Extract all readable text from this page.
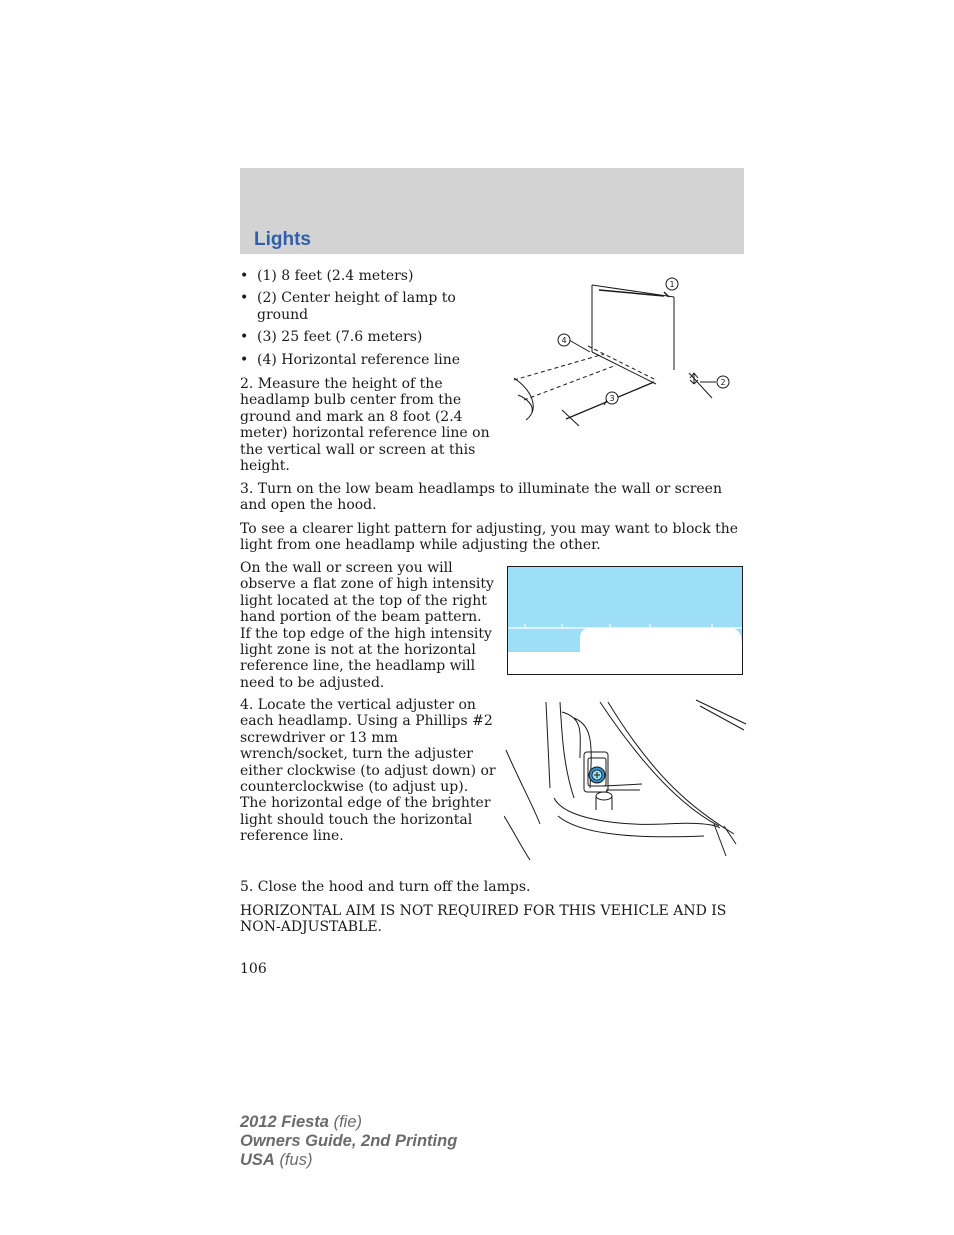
Lights
• (1) 8 feet (2.4 meters)
• (2) Center height of lamp to ground
• (3) 25 feet (7.6 meters)
• (4) Horizontal reference line
1
2
3
4

2. Measure the height of the headlamp bulb center from the ground and mark an 8 foot (2.4 meter) horizontal reference line on the vertical wall or screen at this height.

3. Turn on the low beam headlamps to illuminate the wall or screen and open the hood.

To see a clearer light pattern for adjusting, you may want to block the light from one headlamp while adjusting the other.

On the wall or screen you will observe a flat zone of high intensity light located at the top of the right hand portion of the beam pattern. If the top edge of the high intensity light zone is not at the horizontal reference line, the headlamp will need to be adjusted.

4. Locate the vertical adjuster on each headlamp. Using a Phillips #2 screwdriver or 13 mm wrench/socket, turn the adjuster either clockwise (to adjust down) or counterclockwise (to adjust up). The horizontal edge of the brighter light should touch the horizontal reference line.

5. Close the hood and turn off the lamps.

HORIZONTAL AIM IS NOT REQUIRED FOR THIS VEHICLE AND IS NON-ADJUSTABLE.

106

2012 Fiesta (fie)
Owners Guide, 2nd Printing
USA (fus)
